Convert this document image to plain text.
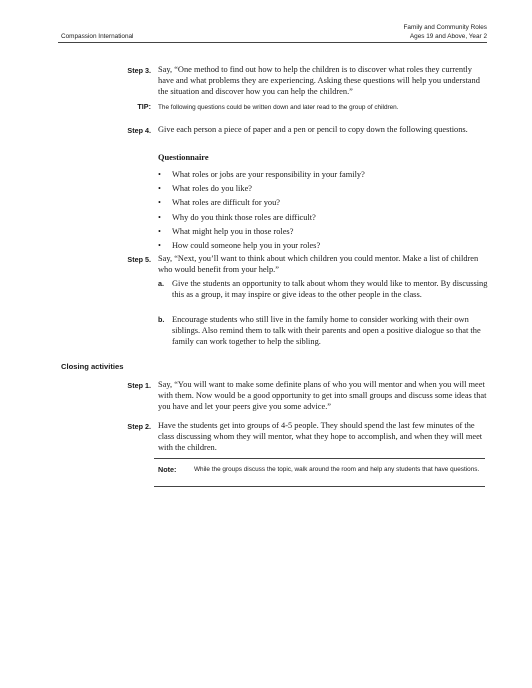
Compassion International
Family and Community Roles
Ages 19 and Above, Year 2
Step 3. Say, “One method to find out how to help the children is to discover what roles they currently have and what problems they are experiencing. Asking these questions will help you understand the situation and discover how you can help the children.”
TIP: The following questions could be written down and later read to the group of children.
Step 4. Give each person a piece of paper and a pen or pencil to copy down the following questions.
Questionnaire
• What roles or jobs are your responsibility in your family?
• What roles do you like?
• What roles are difficult for you?
• Why do you think those roles are difficult?
• What might help you in those roles?
• How could someone help you in your roles?
Step 5. Say, “Next, you’ll want to think about which children you could mentor. Make a list of children who would benefit from your help.”
a. Give the students an opportunity to talk about whom they would like to mentor. By discussing this as a group, it may inspire or give ideas to the other people in the class.
b. Encourage students who still live in the family home to consider working with their own siblings. Also remind them to talk with their parents and open a positive dialogue so that the family can work together to help the sibling.
Closing activities
Step 1. Say, “You will want to make some definite plans of who you will mentor and when you will meet with them. Now would be a good opportunity to get into small groups and discuss some ideas that you have and let your peers give you some advice.”
Step 2. Have the students get into groups of 4-5 people. They should spend the last few minutes of the class discussing whom they will mentor, what they hope to accomplish, and when they will meet with the children.
Note:	While the groups discuss the topic, walk around the room and help any students that have questions.
